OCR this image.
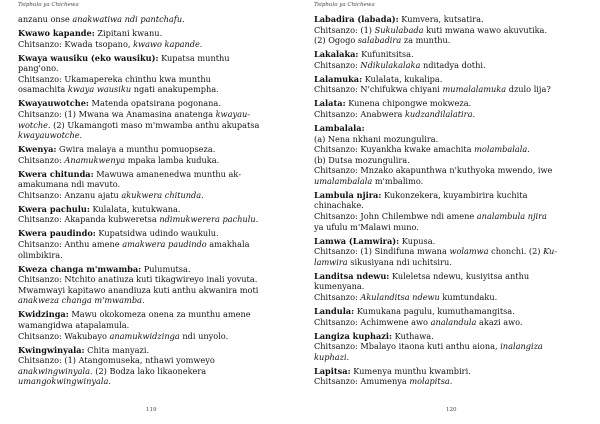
Tsiphulo ya Chichewa
anzanu onse anakwatiwa ndi pantchafu.
Kwawo kapande: Zipitani kwanu.
Chitsanzo: Kwada tsopano, kwawo kapande.
Kwaya wausiku (eko wausiku): Kupatsa munthu
pang'ono.
Chitsanzo: Ukamapereka chinthu kwa munthu
osamachita kwaya wausiku ngati anakupempha.
Kwayauwotche: Matenda opatsirana pogonana.
Chitsanzo: (1) Mwana wa Anamasina anatenga kwayau-
wotche. (2) Ukamangoti maso m'mwamba anthu akupatsa
kwayauwotche.
Kwenya: Gwira malaya a munthu pomuopseza.
Chitsanzo: Anamukwenya mpaka lamba kuduka.
Kwera chitunda: Mawuwa amanenedwa munthu ak-
amakumana ndi mavuto.
Chitsanzo: Anzanu ajatu akukwera chitunda.
Kwera pachulu: Kulalata, kutukwana.
Chitsanzo: Akapanda kubweretsa ndimukwerera pachulu.
Kwera paudindo: Kupatsidwa udindo waukulu.
Chitsanzo: Anthu amene amakwera paudindo amakhala
olimbikira.
Kweza changa m'mwamba: Pulumutsa.
Chitsanzo: Ntchito anatiuza kuti tikagwireyo inali yovuta.
Mwamwayi kapitawo anandiuza kuti anthu akwanira moti
anakweza changa m'mwamba.
Kwidzinga: Mawu okokomeza onena za munthu amene
wamangidwa atapalamula.
Chitsanzo: Wakubayo anamukwidzinga ndi unyolo.
Kwingwinyala: Chita manyazi.
Chitsanzo: (1) Atangomuseka, nthawi yomweyo
anakwingwinyala. (2) Bodza lako likaonekera
umangokwingwinyala.
119
Tsiphulo ya Chichewa
Labadira (labada): Kumvera, kutsatira.
Chitsanzo: (1) Sukulabada kuti mwana wawo akuvutika.
(2) Ogogo salabadira za munthu.
Lakalaka: Kufunitsitsa.
Chitsanzo: Ndikulakalaka nditadya dothi.
Lalamuka: Kulalata, kukalipa.
Chitsanzo: N'chifukwa chiyani mumalalamuka dzulo lija?
Lalata: Kunena chipongwe mokweza.
Chitsanzo: Anabwera kudzandilalatira.
Lambalala:
(a) Nena nkhani mozungulira.
Chitsanzo: Kuyankha kwake amachita molambalala.
(b) Dutsa mozungulira.
Chitsanzo: Mnzako akapunthwa n'kuthyoka mwendo, iwe
umalambalala m'mbalimo.
Lambula njira: Kukonzekera, kuyambirira kuchita
chinachake.
Chitsanzo: John Chilembwe ndi amene analambula njira
ya ufulu m'Malawi muno.
Lamwa (Lamwira): Kupusa.
Chitsanzo: (1) Sindifuna mwana wolamwa chonchi. (2) Ku-
lamwira sikusiyana ndi uchitsiru.
Landitsa ndewu: Kuleletsa ndewu, kusiyitsa anthu
kumenyana.
Chitsanzo: Akulanditsa ndewu kumtundaku.
Landula: Kumukana pagulu, kumuthamangitsa.
Chitsanzo: Achimwene awo analandula akazi awo.
Langiza kuphazi: Kuthawa.
Chitsanzo: Mbalayo itaona kuti anthu aiona, inalangiza
kuphazi.
Lapitsa: Kumenya munthu kwambiri.
Chitsanzo: Amumenya molapitsa.
120
